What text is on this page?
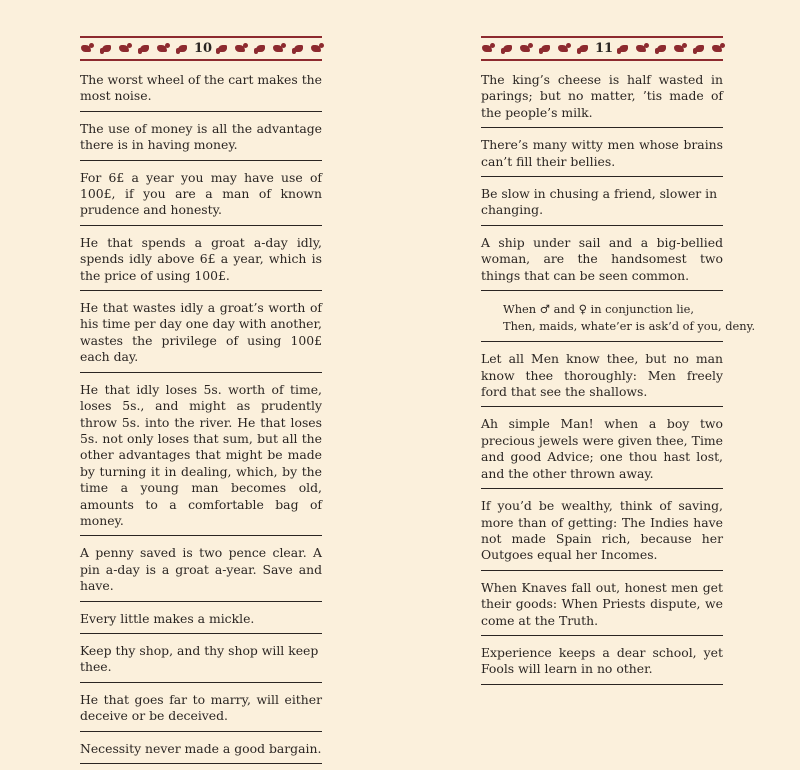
10
The worst wheel of the cart makes the most noise.
The use of money is all the advantage there is in having money.
For 6£ a year you may have use of 100£, if you are a man of known prudence and honesty.
He that spends a groat a-day idly, spends idly above 6£ a year, which is the price of using 100£.
He that wastes idly a groat’s worth of his time per day one day with another, wastes the privilege of using 100£ each day.
He that idly loses 5s. worth of time, loses 5s., and might as prudently throw 5s. into the river. He that loses 5s. not only loses that sum, but all the other advantages that might be made by turning it in dealing, which, by the time a young man becomes old, amounts to a comfortable bag of money.
A penny saved is two pence clear. A pin a-day is a groat a-year. Save and have.
Every little makes a mickle.
Keep thy shop, and thy shop will keep thee.
He that goes far to marry, will either deceive or be deceived.
Necessity never made a good bargain.
11
The king’s cheese is half wasted in parings; but no matter, ’tis made of the people’s milk.
There’s many witty men whose brains can’t fill their bellies.
Be slow in chusing a friend, slower in changing.
A ship under sail and a big-bellied woman, are the handsomest two things that can be seen common.
When ♂ and ♀ in conjunction lie,
Then, maids, whate’er is ask’d of you, deny.
Let all Men know thee, but no man know thee thoroughly: Men freely ford that see the shallows.
Ah simple Man! when a boy two precious jewels were given thee, Time and good Advice; one thou hast lost, and the other thrown away.
If you’d be wealthy, think of saving, more than of getting: The Indies have not made Spain rich, because her Outgoes equal her Incomes.
When Knaves fall out, honest men get their goods: When Priests dispute, we come at the Truth.
Experience keeps a dear school, yet Fools will learn in no other.
